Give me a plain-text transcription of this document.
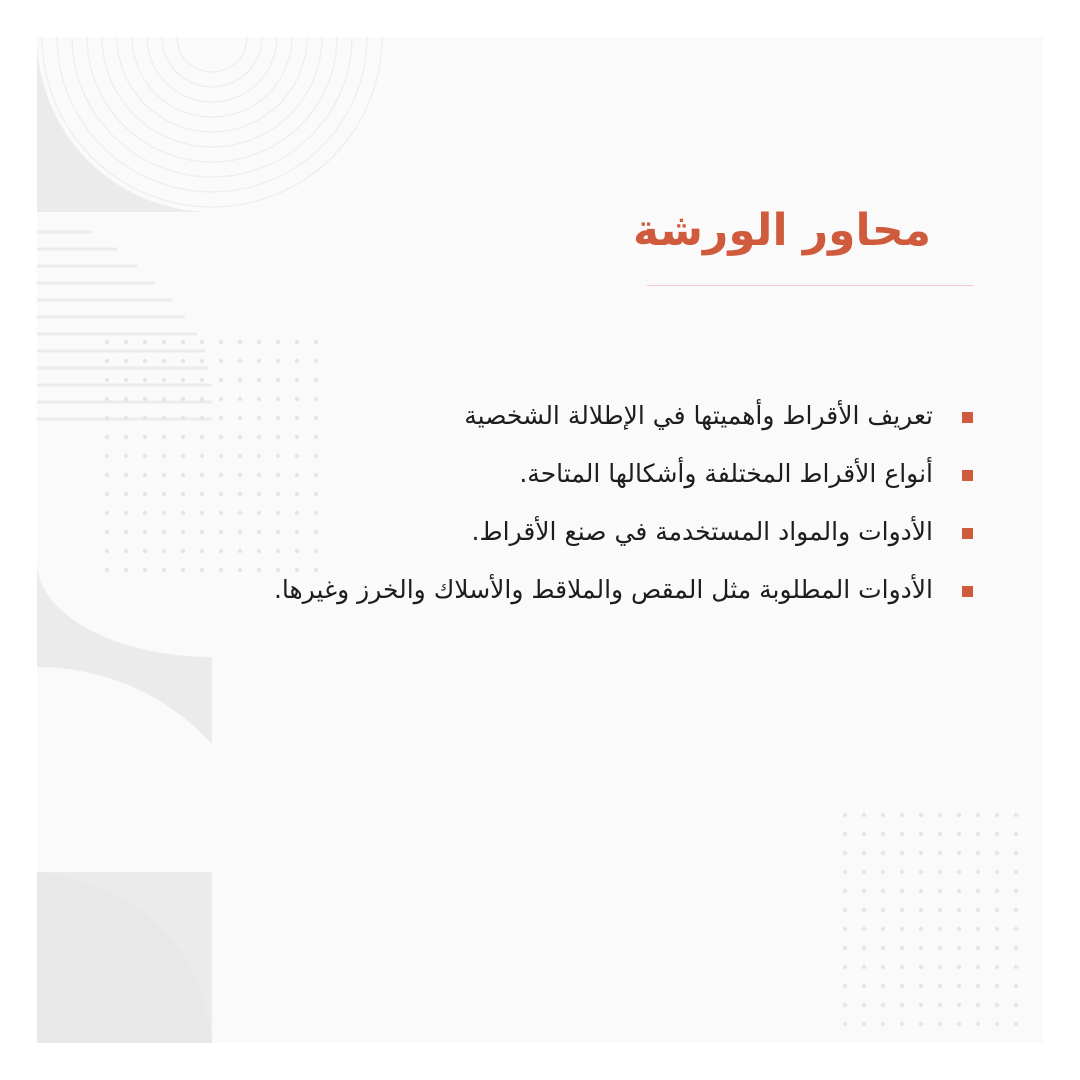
محاور الورشة
تعريف الأقراط وأهميتها في الإطلالة الشخصية
أنواع الأقراط المختلفة وأشكالها المتاحة.
الأدوات والمواد المستخدمة في صنع الأقراط.
الأدوات المطلوبة مثل المقص والملاقط والأسلاك والخرز وغيرها.
